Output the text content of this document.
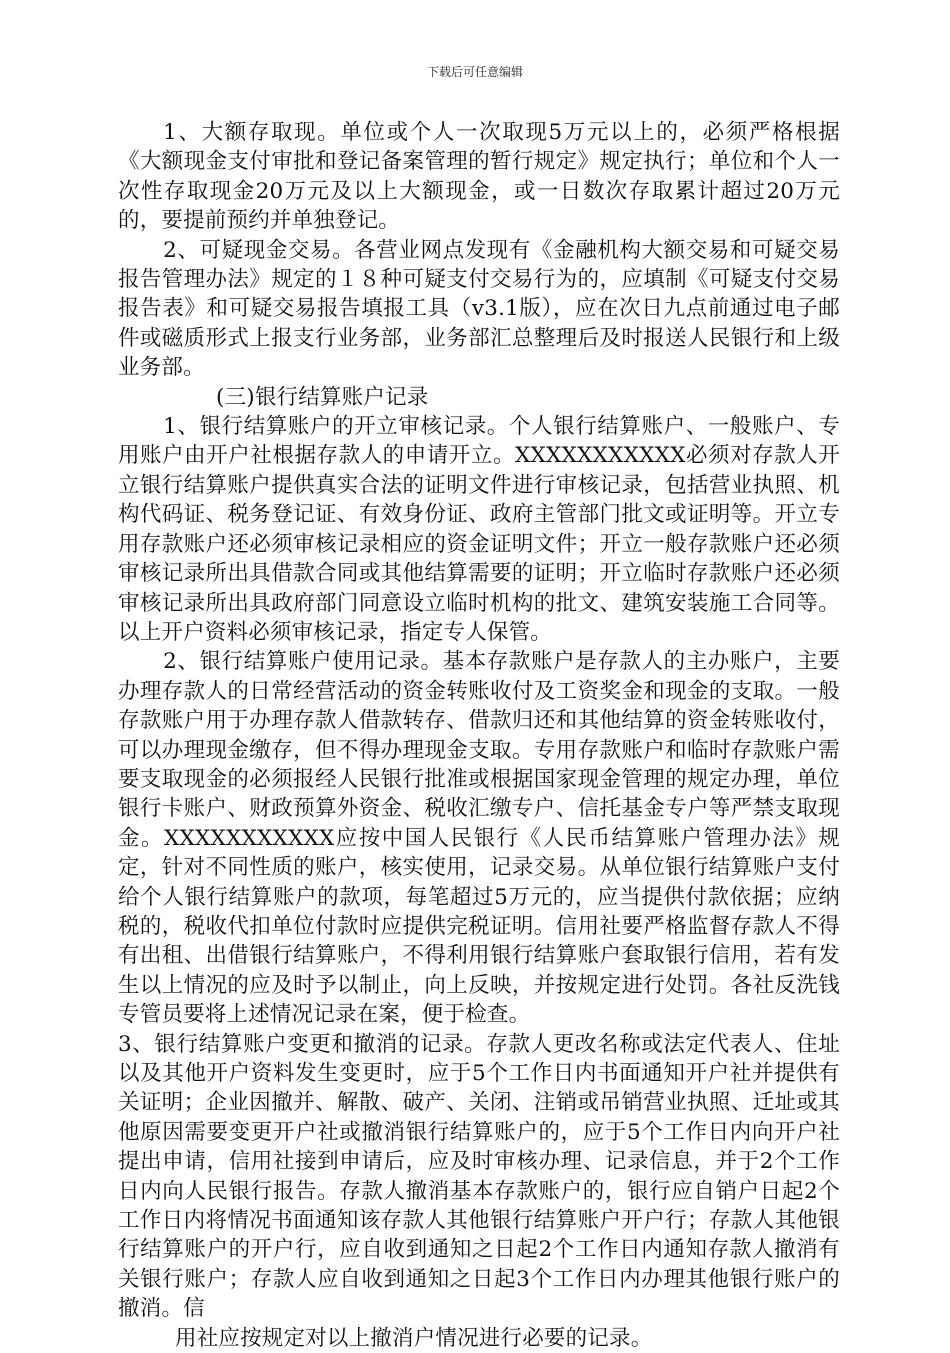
下载后可任意编辑

1、大额存取现。单位或个人一次取现5万元以上的，必须严格根据《大额现金支付审批和登记备案管理的暂行规定》规定执行；单位和个人一次性存取现金20万元及以上大额现金，或一日数次存取累计超过20万元的，要提前预约并单独登记。

2、可疑现金交易。各营业网点发现有《金融机构大额交易和可疑交易报告管理办法》规定的１８种可疑支付交易行为的，应填制《可疑支付交易报告表》和可疑交易报告填报工具（v3.1版），应在次日九点前通过电子邮件或磁质形式上报支行业务部，业务部汇总整理后及时报送人民银行和上级业务部。

(三)银行结算账户记录

1、银行结算账户的开立审核记录。个人银行结算账户、一般账户、专用账户由开户社根据存款人的申请开立。XXXXXXXXXXX必须对存款人开立银行结算账户提供真实合法的证明文件进行审核记录，包括营业执照、机构代码证、税务登记证、有效身份证、政府主管部门批文或证明等。开立专用存款账户还必须审核记录相应的资金证明文件；开立一般存款账户还必须审核记录所出具借款合同或其他结算需要的证明；开立临时存款账户还必须审核记录所出具政府部门同意设立临时机构的批文、建筑安装施工合同等。以上开户资料必须审核记录，指定专人保管。

2、银行结算账户使用记录。基本存款账户是存款人的主办账户，主要办理存款人的日常经营活动的资金转账收付及工资奖金和现金的支取。一般存款账户用于办理存款人借款转存、借款归还和其他结算的资金转账收付，可以办理现金缴存，但不得办理现金支取。专用存款账户和临时存款账户需要支取现金的必须报经人民银行批准或根据国家现金管理的规定办理，单位银行卡账户、财政预算外资金、税收汇缴专户、信托基金专户等严禁支取现金。XXXXXXXXXXX应按中国人民银行《人民币结算账户管理办法》规定，针对不同性质的账户，核实使用，记录交易。从单位银行结算账户支付给个人银行结算账户的款项，每笔超过5万元的，应当提供付款依据；应纳税的，税收代扣单位付款时应提供完税证明。信用社要严格监督存款人不得有出租、出借银行结算账户，不得利用银行结算账户套取银行信用，若有发生以上情况的应及时予以制止，向上反映，并按规定进行处罚。各社反洗钱专管员要将上述情况记录在案，便于检查。

3、银行结算账户变更和撤消的记录。存款人更改名称或法定代表人、住址以及其他开户资料发生变更时，应于5个工作日内书面通知开户社并提供有关证明；企业因撤并、解散、破产、关闭、注销或吊销营业执照、迁址或其他原因需要变更开户社或撤消银行结算账户的，应于5个工作日内向开户社提出申请，信用社接到申请后，应及时审核办理、记录信息，并于2个工作日内向人民银行报告。存款人撤消基本存款账户的，银行应自销户日起2个工作日内将情况书面通知该存款人其他银行结算账户开户行；存款人其他银行结算账户的开户行，应自收到通知之日起2个工作日内通知存款人撤消有关银行账户；存款人应自收到通知之日起3个工作日内办理其他银行账户的撤消。信

用社应按规定对以上撤消户情况进行必要的记录。
